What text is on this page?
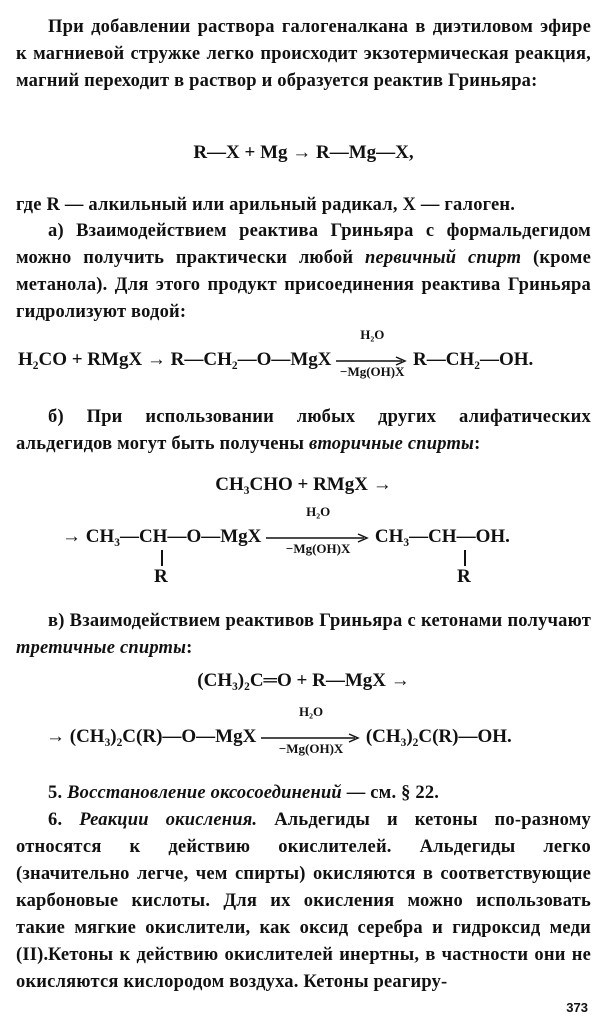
При добавлении раствора галогеналкана в диэтиловом эфире к магниевой стружке легко происходит экзотермическая реакция, магний переходит в раствор и образуется реактив Гриньяра:

R—X + Mg → R—Mg—X,

где R — алкильный или арильный радикал, X — галоген.

а) Взаимодействием реактива Гриньяра с формальдегидом можно получить практически любой первичный спирт (кроме метанола). Для этого продукт присоединения реактива Гриньяра гидролизуют водой:

H₂CO + RMgX → R—CH₂—O—MgX
H₂O
−Mg(OH)X
R—CH₂—OH.

б) При использовании любых других алифатических альдегидов могут быть получены вторичные спирты:

CH₃CHO + RMgX →
→ CH₃—CH—O—MgX
H₂O
−Mg(OH)X
CH₃—CH—OH.
R	R

в) Взаимодействием реактивов Гриньяра с кетонами получают третичные спирты:

(CH₃)₂C═O + R—MgX →
→ (CH₃)₂C(R)—O—MgX
H₂O
−Mg(OH)X
(CH₃)₂C(R)—OH.

5. Восстановление оксосоединений — см. § 22.

6. Реакции окисления. Альдегиды и кетоны по-разному относятся к действию окислителей. Альдегиды легко (значительно легче, чем спирты) окисляются в соответствующие карбоновые кислоты. Для их окисления можно использовать такие мягкие окислители, как оксид серебра и гидроксид меди (II). Кетоны к действию окислителей инертны, в частности они не окисляются кислородом воздуха. Кетоны реагиру-

373
